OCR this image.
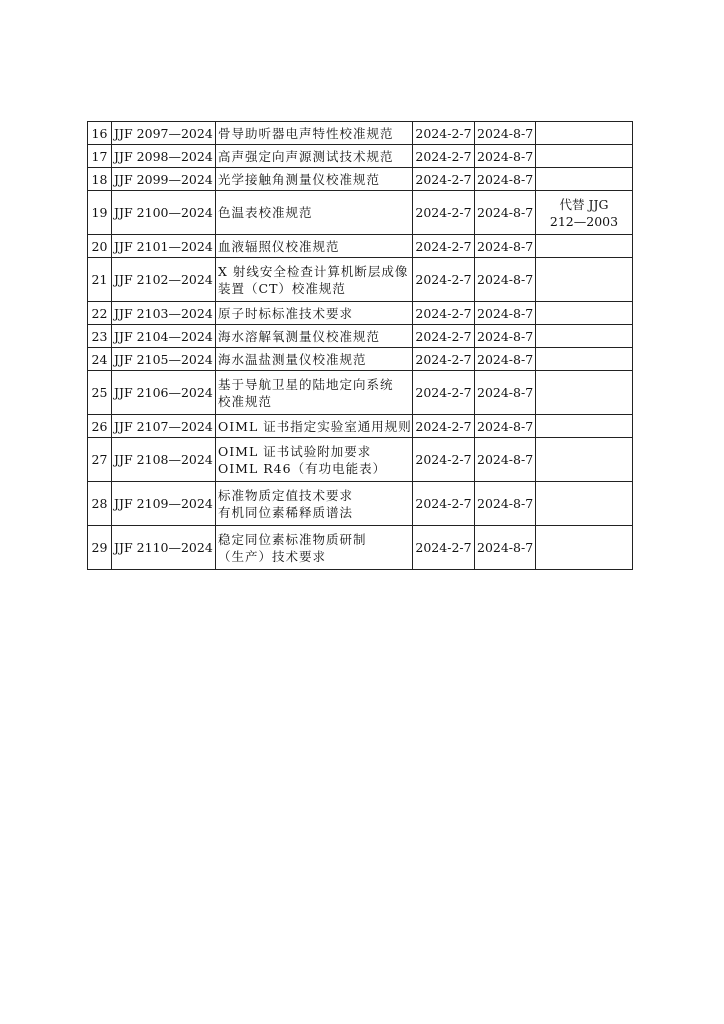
16	JJF 2097—2024	骨导助听器电声特性校准规范	2024-2-7	2024-8-7	
17	JJF 2098—2024	高声强定向声源测试技术规范	2024-2-7	2024-8-7	
18	JJF 2099—2024	光学接触角测量仪校准规范	2024-2-7	2024-8-7	
19	JJF 2100—2024	色温表校准规范	2024-2-7	2024-8-7	代替 JJG
212—2003

20	JJF 2101—2024	血液辐照仪校准规范	2024-2-7	2024-8-7	
21	JJF 2102—2024	X 射线安全检查计算机断层成像
装置（CT）校准规范	2024-2-7	2024-8-7	
22	JJF 2103—2024	原子时标标准技术要求	2024-2-7	2024-8-7	
23	JJF 2104—2024	海水溶解氧测量仪校准规范	2024-2-7	2024-8-7	
24	JJF 2105—2024	海水温盐测量仪校准规范	2024-2-7	2024-8-7	
25	JJF 2106—2024	基于导航卫星的陆地定向系统
校准规范	2024-2-7	2024-8-7	
26	JJF 2107—2024	OIML 证书指定实验室通用规则	2024-2-7	2024-8-7	
27	JJF 2108—2024	OIML 证书试验附加要求
OIML R46（有功电能表）	2024-2-7	2024-8-7	
28	JJF 2109—2024	标准物质定值技术要求
有机同位素稀释质谱法	2024-2-7	2024-8-7	
29	JJF 2110—2024	稳定同位素标准物质研制
（生产）技术要求	2024-2-7	2024-8-7	
